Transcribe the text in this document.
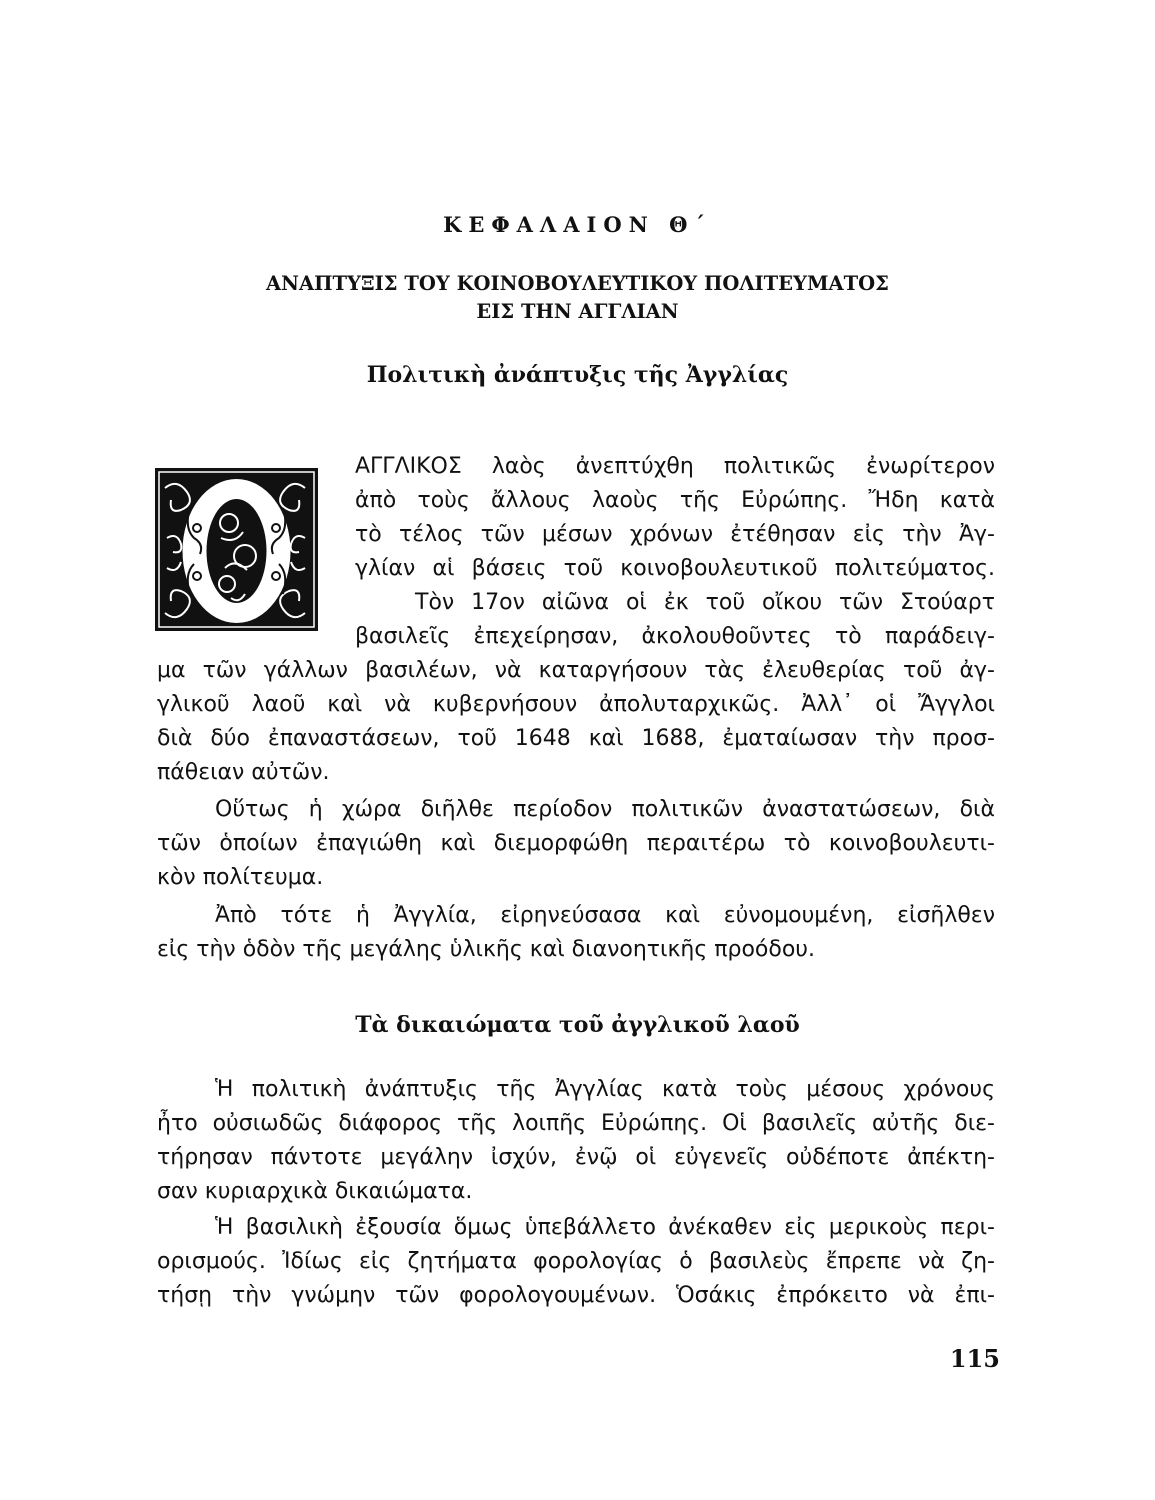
ΚΕΦΑΛΑΙΟΝ Θ΄
ΑΝΑΠΤΥΞΙΣ ΤΟΥ ΚΟΙΝΟΒΟΥΛΕΥΤΙΚΟΥ ΠΟΛΙΤΕΥΜΑΤΟΣ
ΕΙΣ ΤΗΝ ΑΓΓΛΙΑΝ
Πολιτικὴ ἀνάπτυξις τῆς Ἀγγλίας
ΑΓΓΛΙΚΟΣ λαὸς ἀνεπτύχθη πολιτικῶς ἐνωρίτερον
ἀπὸ τοὺς ἄλλους λαοὺς τῆς Εὐρώπης. Ἤδη κατὰ
τὸ τέλος τῶν μέσων χρόνων ἐτέθησαν εἰς τὴν Ἀγ-
γλίαν αἱ βάσεις τοῦ κοινοβουλευτικοῦ πολιτεύματος.
Τὸν 17ον αἰῶνα οἱ ἐκ τοῦ οἴκου τῶν Στούαρτ
βασιλεῖς ἐπεχείρησαν, ἀκολουθοῦντες τὸ παράδειγ-
μα τῶν γάλλων βασιλέων, νὰ καταργήσουν τὰς ἐλευθερίας τοῦ ἀγ-
γλικοῦ λαοῦ καὶ νὰ κυβερνήσουν ἀπολυταρχικῶς. Ἀλλ᾽ οἱ Ἄγγλοι
διὰ δύο ἐπαναστάσεων, τοῦ 1648 καὶ 1688, ἐματαίωσαν τὴν προσ-
πάθειαν αὐτῶν.
Οὕτως ἡ χώρα διῆλθε περίοδον πολιτικῶν ἀναστατώσεων, διὰ
τῶν ὁποίων ἐπαγιώθη καὶ διεμορφώθη περαιτέρω τὸ κοινοβουλευτι-
κὸν πολίτευμα.
Ἀπὸ τότε ἡ Ἀγγλία, εἰρηνεύσασα καὶ εὐνομουμένη, εἰσῆλθεν
εἰς τὴν ὁδὸν τῆς μεγάλης ὑλικῆς καὶ διανοητικῆς προόδου.
Τὰ δικαιώματα τοῦ ἀγγλικοῦ λαοῦ
Ἡ πολιτικὴ ἀνάπτυξις τῆς Ἀγγλίας κατὰ τοὺς μέσους χρόνους
ἦτο οὐσιωδῶς διάφορος τῆς λοιπῆς Εὐρώπης. Οἱ βασιλεῖς αὐτῆς διε-
τήρησαν πάντοτε μεγάλην ἰσχύν, ἐνῷ οἱ εὐγενεῖς οὐδέποτε ἀπέκτη-
σαν κυριαρχικὰ δικαιώματα.
Ἡ βασιλικὴ ἐξουσία ὅμως ὑπεβάλλετο ἀνέκαθεν εἰς μερικοὺς περι-
ορισμούς. Ἰδίως εἰς ζητήματα φορολογίας ὁ βασιλεὺς ἔπρεπε νὰ ζη-
τήσῃ τὴν γνώμην τῶν φορολογουμένων. Ὁσάκις ἐπρόκειτο νὰ ἐπι-
115
